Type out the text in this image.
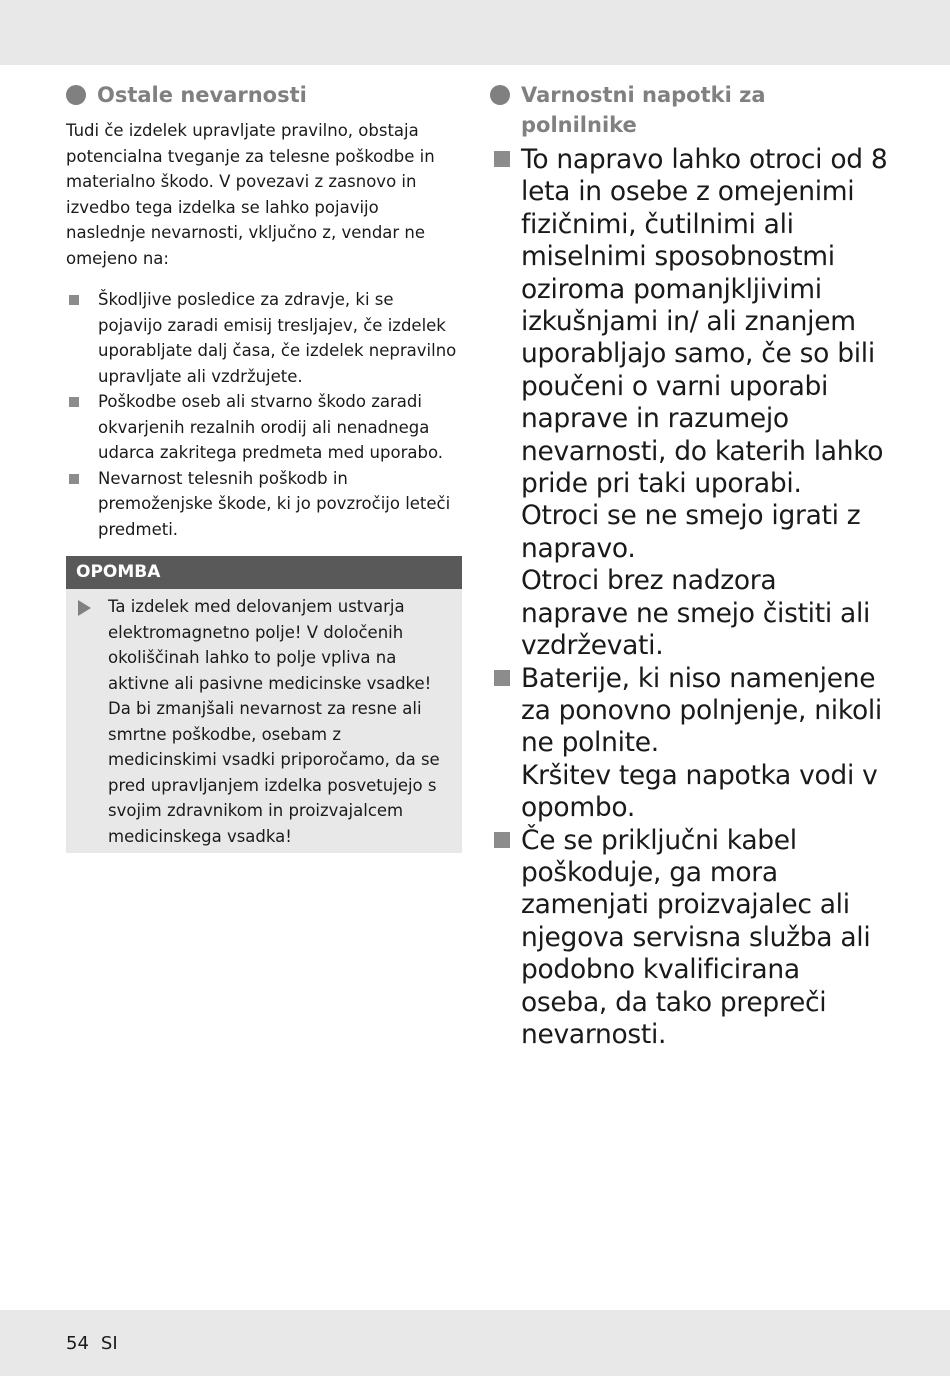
Ostale nevarnosti

Tudi če izdelek upravljate pravilno, obstaja potencialna tveganje za telesne poškodbe in materialno škodo. V povezavi z zasnovo in izvedbo tega izdelka se lahko pojavijo naslednje nevarnosti, vključno z, vendar ne omejeno na:

Škodljive posledice za zdravje, ki se pojavijo zaradi emisij tresljajev, če izdelek uporabljate dalj časa, če izdelek nepravilno upravljate ali vzdržujete.
Poškodbe oseb ali stvarno škodo zaradi okvarjenih rezalnih orodij ali nenadnega udarca zakritega predmeta med uporabo.
Nevarnost telesnih poškodb in premoženjske škode, ki jo povzročijo leteči predmeti.
OPOMBA
Ta izdelek med delovanjem ustvarja elektromagnetno polje! V določenih okoliščinah lahko to polje vpliva na aktivne ali pasivne medicinske vsadke! Da bi zmanjšali nevarnost za resne ali smrtne poškodbe, osebam z medicinskimi vsadki priporočamo, da se pred upravljanjem izdelka posvetujejo s svojim zdravnikom in proizvajalcem medicinskega vsadka!
Varnostni napotki za
polnilnike

To napravo lahko otroci od 8 leta in osebe z omejenimi fizičnimi, čutilnimi ali miselnimi sposobnostmi oziroma pomanjkljivimi izkušnjami in/ ali znanjem uporabljajo samo, če so bili poučeni o varni uporabi naprave in razumejo nevarnosti, do katerih lahko pride pri taki uporabi.

Otroci se ne smejo igrati z napravo.

Otroci brez nadzora naprave ne smejo čistiti ali vzdrževati.

Baterije, ki niso namenjene za ponovno polnjenje, nikoli ne polnite.

Kršitev tega napotka vodi v opombo.

Če se priključni kabel poškoduje, ga mora zamenjati proizvajalec ali njegova servisna služba ali podobno kvalificirana oseba, da tako prepreči nevarnosti.

54 SI
